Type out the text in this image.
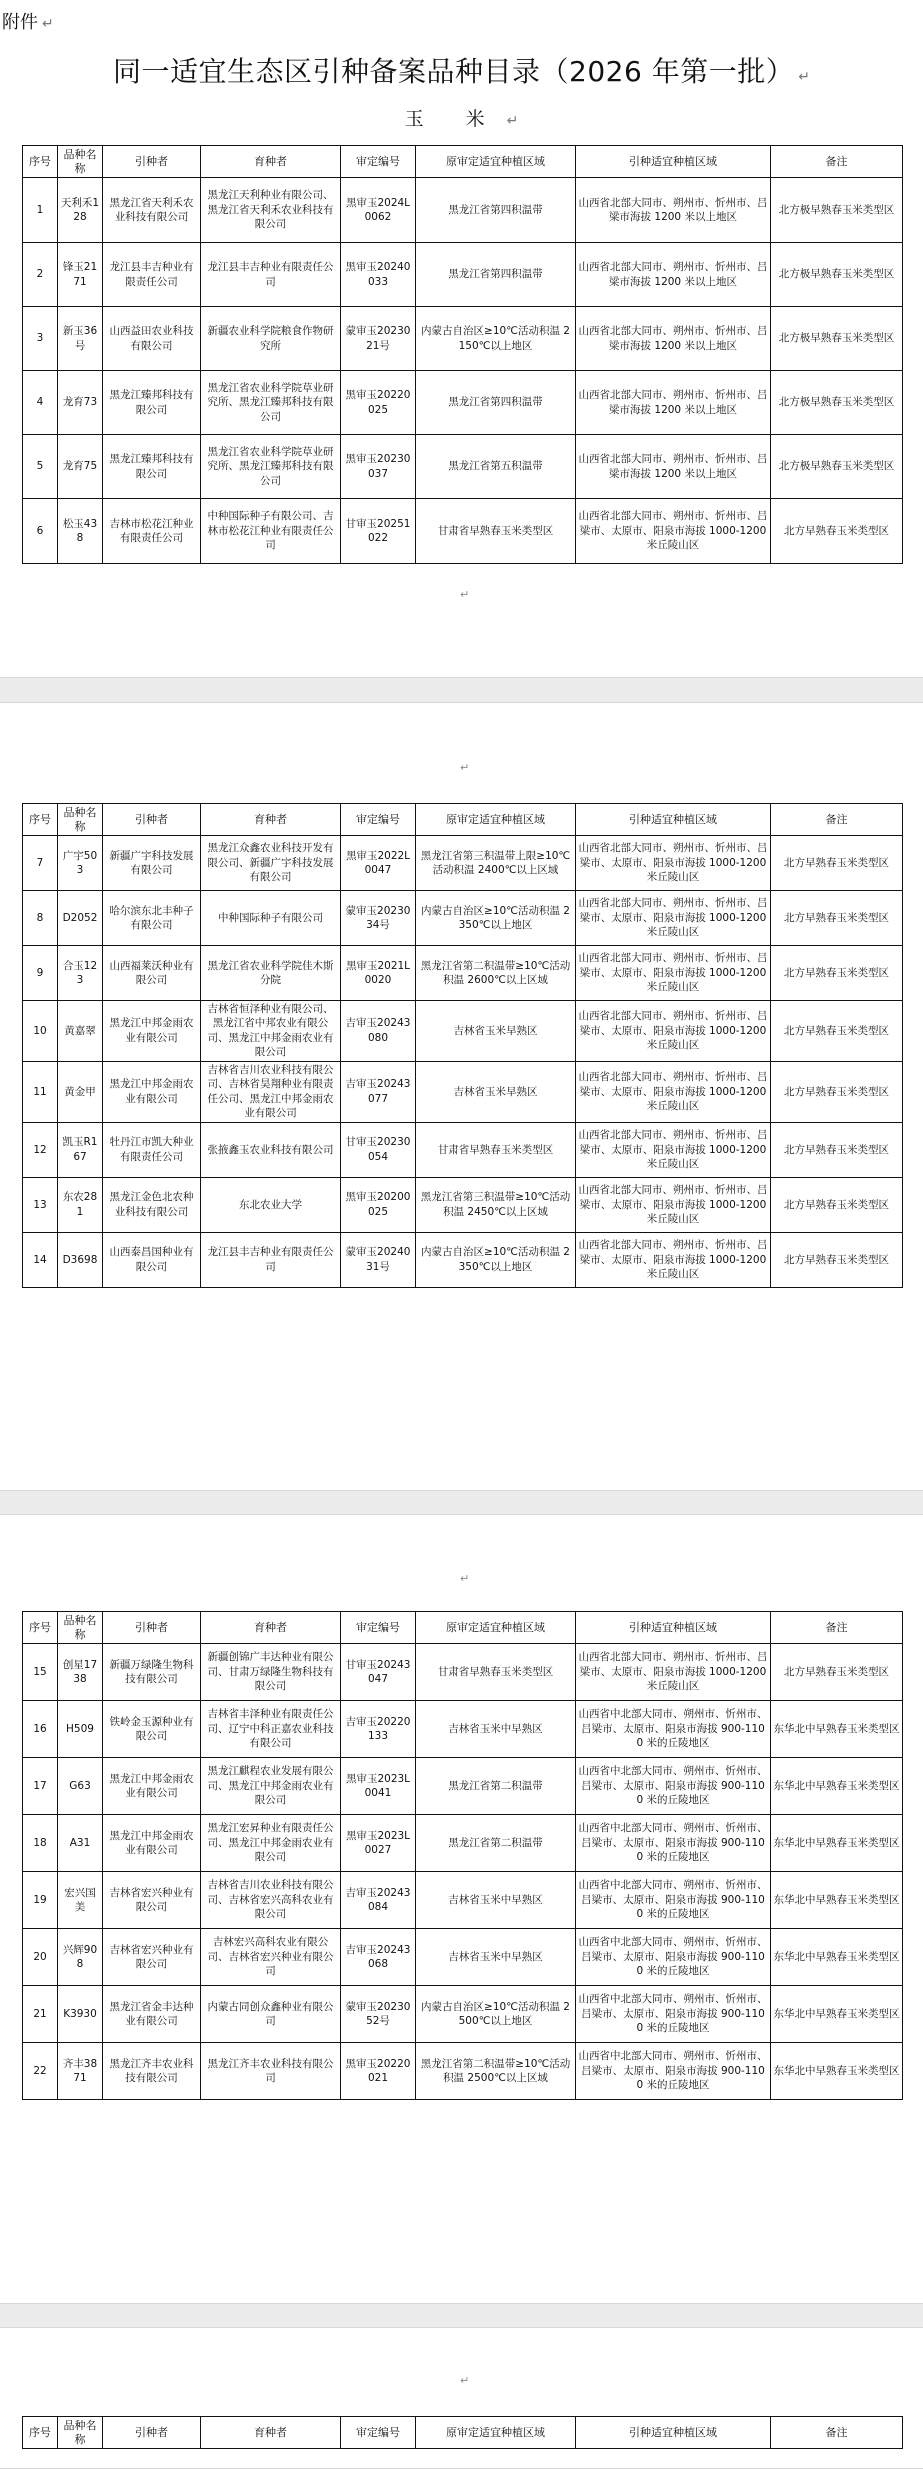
附件 ↵
同一适宜生态区引种备案品种目录（2026 年第一批） ↵
玉 米 ↵
序号	品种名称	引种者	育种者	审定编号	原审定适宜种植区域	引种适宜种植区域	备注
1	天利禾128	黑龙江省天利禾农业科技有限公司	黑龙江天利种业有限公司、黑龙江省天利禾农业科技有限公司	黑审玉2024L0062	黑龙江省第四积温带	山西省北部大同市、朔州市、忻州市、吕梁市海拔 1200 米以上地区	北方极早熟春玉米类型区
2	锋玉2171	龙江县丰吉种业有限责任公司	龙江县丰吉种业有限责任公司	黑审玉20240033	黑龙江省第四积温带	山西省北部大同市、朔州市、忻州市、吕梁市海拔 1200 米以上地区	北方极早熟春玉米类型区
3	新玉36号	山西益田农业科技有限公司	新疆农业科学院粮食作物研究所	蒙审玉2023021号	内蒙古自治区≥10℃活动积温 2150℃以上地区	山西省北部大同市、朔州市、忻州市、吕梁市海拔 1200 米以上地区	北方极早熟春玉米类型区
4	龙育73	黑龙江臻邦科技有限公司	黑龙江省农业科学院草业研究所、黑龙江臻邦科技有限公司	黑审玉20220025	黑龙江省第四积温带	山西省北部大同市、朔州市、忻州市、吕梁市海拔 1200 米以上地区	北方极早熟春玉米类型区
5	龙育75	黑龙江臻邦科技有限公司	黑龙江省农业科学院草业研究所、黑龙江臻邦科技有限公司	黑审玉20230037	黑龙江省第五积温带	山西省北部大同市、朔州市、忻州市、吕梁市海拔 1200 米以上地区	北方极早熟春玉米类型区
6	松玉438	吉林市松花江种业有限责任公司	中种国际种子有限公司、吉林市松花江种业有限责任公司	甘审玉20251022	甘肃省早熟春玉米类型区	山西省北部大同市、朔州市、忻州市、吕梁市、太原市、阳泉市海拔 1000-1200 米丘陵山区	北方早熟春玉米类型区
↵
↵
序号	品种名称	引种者	育种者	审定编号	原审定适宜种植区域	引种适宜种植区域	备注
7	广宇503	新疆广宇科技发展有限公司	黑龙江众鑫农业科技开发有限公司、新疆广宇科技发展有限公司	黑审玉2022L0047	黑龙江省第三积温带上限≥10℃活动积温 2400℃以上区域	山西省北部大同市、朔州市、忻州市、吕梁市、太原市、阳泉市海拔 1000-1200 米丘陵山区	北方早熟春玉米类型区
8	D2052	哈尔滨东北丰种子有限公司	中种国际种子有限公司	蒙审玉2023034号	内蒙古自治区≥10℃活动积温 2350℃以上地区	山西省北部大同市、朔州市、忻州市、吕梁市、太原市、阳泉市海拔 1000-1200 米丘陵山区	北方早熟春玉米类型区
9	合玉123	山西福莱沃种业有限公司	黑龙江省农业科学院佳木斯分院	黑审玉2021L0020	黑龙江省第二积温带≥10℃活动积温 2600℃以上区域	山西省北部大同市、朔州市、忻州市、吕梁市、太原市、阳泉市海拔 1000-1200 米丘陵山区	北方早熟春玉米类型区
10	黄嘉翠	黑龙江中邦金雨农业有限公司	吉林省恒泽种业有限公司、黑龙江省中邦农业有限公司、黑龙江中邦金雨农业有限公司	吉审玉20243080	吉林省玉米早熟区	山西省北部大同市、朔州市、忻州市、吕梁市、太原市、阳泉市海拔 1000-1200 米丘陵山区	北方早熟春玉米类型区
11	黄金甲	黑龙江中邦金雨农业有限公司	吉林省吉川农业科技有限公司、吉林省昊翔种业有限责任公司、黑龙江中邦金雨农业有限公司	吉审玉20243077	吉林省玉米早熟区	山西省北部大同市、朔州市、忻州市、吕梁市、太原市、阳泉市海拔 1000-1200 米丘陵山区	北方早熟春玉米类型区
12	凯玉R167	牡丹江市凯大种业有限责任公司	张掖鑫玉农业科技有限公司	甘审玉20230054	甘肃省早熟春玉米类型区	山西省北部大同市、朔州市、忻州市、吕梁市、太原市、阳泉市海拔 1000-1200 米丘陵山区	北方早熟春玉米类型区
13	东农281	黑龙江金色北农种业科技有限公司	东北农业大学	黑审玉20200025	黑龙江省第三积温带≥10℃活动积温 2450℃以上区域	山西省北部大同市、朔州市、忻州市、吕梁市、太原市、阳泉市海拔 1000-1200 米丘陵山区	北方早熟春玉米类型区
14	D3698	山西泰昌国种业有限公司	龙江县丰吉种业有限责任公司	蒙审玉2024031号	内蒙古自治区≥10℃活动积温 2350℃以上地区	山西省北部大同市、朔州市、忻州市、吕梁市、太原市、阳泉市海拔 1000-1200 米丘陵山区	北方早熟春玉米类型区
↵
序号	品种名称	引种者	育种者	审定编号	原审定适宜种植区域	引种适宜种植区域	备注
15	创星1738	新疆万绿隆生物科技有限公司	新疆创锦广丰达种业有限公司、甘肃万绿隆生物科技有限公司	甘审玉20243047	甘肃省早熟春玉米类型区	山西省北部大同市、朔州市、忻州市、吕梁市、太原市、阳泉市海拔 1000-1200 米丘陵山区	北方早熟春玉米类型区
16	H509	铁岭金玉源种业有限公司	吉林省丰泽种业有限责任公司、辽宁中科正嘉农业科技有限公司	吉审玉20220133	吉林省玉米中早熟区	山西省中北部大同市、朔州市、忻州市、吕梁市、太原市、阳泉市海拔 900-1100 米的丘陵地区	东华北中早熟春玉米类型区
17	G63	黑龙江中邦金雨农业有限公司	黑龙江麒程农业发展有限公司、黑龙江中邦金雨农业有限公司	黑审玉2023L0041	黑龙江省第二积温带	山西省中北部大同市、朔州市、忻州市、吕梁市、太原市、阳泉市海拔 900-1100 米的丘陵地区	东华北中早熟春玉米类型区
18	A31	黑龙江中邦金雨农业有限公司	黑龙江宏昇种业有限责任公司、黑龙江中邦金雨农业有限公司	黑审玉2023L0027	黑龙江省第二积温带	山西省中北部大同市、朔州市、忻州市、吕梁市、太原市、阳泉市海拔 900-1100 米的丘陵地区	东华北中早熟春玉米类型区
19	宏兴国美	吉林省宏兴种业有限公司	吉林省吉川农业科技有限公司、吉林省宏兴高科农业有限公司	吉审玉20243084	吉林省玉米中早熟区	山西省中北部大同市、朔州市、忻州市、吕梁市、太原市、阳泉市海拔 900-1100 米的丘陵地区	东华北中早熟春玉米类型区
20	兴辉908	吉林省宏兴种业有限公司	吉林宏兴高科农业有限公司、吉林省宏兴种业有限公司	吉审玉20243068	吉林省玉米中早熟区	山西省中北部大同市、朔州市、忻州市、吕梁市、太原市、阳泉市海拔 900-1100 米的丘陵地区	东华北中早熟春玉米类型区
21	K3930	黑龙江省金丰达种业有限公司	内蒙古同创众鑫种业有限公司	蒙审玉2023052号	内蒙古自治区≥10℃活动积温 2500℃以上地区	山西省中北部大同市、朔州市、忻州市、吕梁市、太原市、阳泉市海拔 900-1100 米的丘陵地区	东华北中早熟春玉米类型区
22	齐丰3871	黑龙江齐丰农业科技有限公司	黑龙江齐丰农业科技有限公司	黑审玉20220021	黑龙江省第二积温带≥10℃活动积温 2500℃以上区域	山西省中北部大同市、朔州市、忻州市、吕梁市、太原市、阳泉市海拔 900-1100 米的丘陵地区	东华北中早熟春玉米类型区
↵
序号	品种名称	引种者	育种者	审定编号	原审定适宜种植区域	引种适宜种植区域	备注
